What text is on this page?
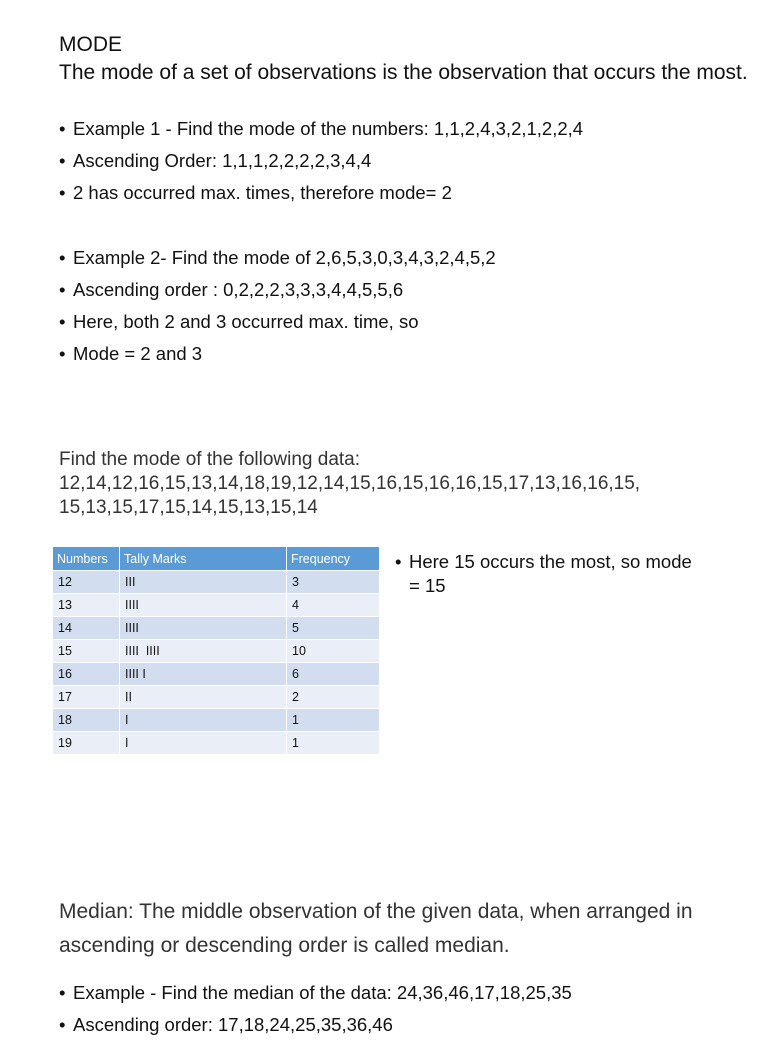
MODE
The mode of a set of observations is the observation that occurs the most.
• Example 1 - Find the mode of the numbers: 1,1,2,4,3,2,1,2,2,4
• Ascending Order: 1,1,1,2,2,2,2,3,4,4
• 2 has occurred max. times, therefore mode= 2
• Example 2- Find the mode of 2,6,5,3,0,3,4,3,2,4,5,2
• Ascending order : 0,2,2,2,3,3,3,4,4,5,5,6
• Here, both 2 and 3 occurred max. time, so
• Mode = 2 and 3
Find the mode of the following data:
12,14,12,16,15,13,14,18,19,12,14,15,16,15,16,16,15,17,13,16,16,15,
15,13,15,17,15,14,15,13,15,14
Numbers	Tally Marks	Frequency
12	III	3
13	IIII	4
14	IIII	5
15	IIII  IIII	10
16	IIII I	6
17	II	2
18	I	1
19	I	1
• Here 15 occurs the most, so mode = 15
Median: The middle observation of the given data, when arranged in ascending or descending order is called median.
• Example - Find the median of the data: 24,36,46,17,18,25,35
• Ascending order: 17,18,24,25,35,36,46
